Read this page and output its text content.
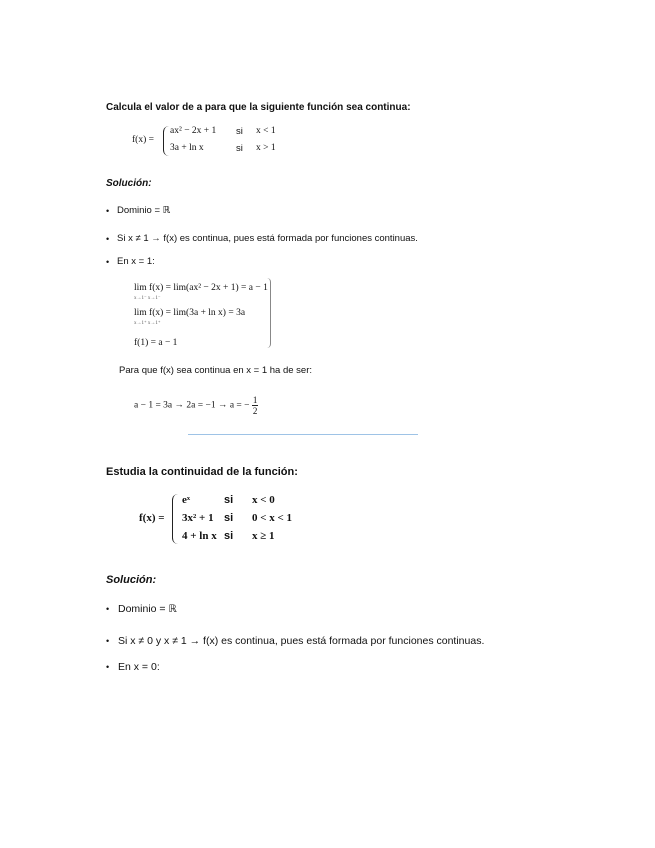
Calcula el valor de a para que la siguiente función sea continua:
f(x) =
ax² − 2x + 1 si x < 1
3a + ln x	si x > 1
Solución:
• Dominio = ℝ
• Si x ≠ 1 → f(x) es continua, pues está formada por funciones continuas.
• En x = 1:
lim f(x) = lim(ax² − 2x + 1) = a − 1
x→1⁻ x→1⁻
lim f(x) = lim(3a + ln x) = 3a
x→1⁺ x→1⁺
f(1) = a − 1
Para que f(x) sea continua en x = 1 ha de ser:
a − 1 = 3a → 2a = −1 → a = − $\frac{1}{2}$
Estudia la continuidad de la función:
f(x) =
eˣ	si x < 0
3x² + 1 si 0 < x < 1
4 + ln x si x ≥ 1
Solución:
• Dominio = ℝ
• Si x ≠ 0 y x ≠ 1 → f(x) es continua, pues está formada por funciones continuas.
• En x = 0:
